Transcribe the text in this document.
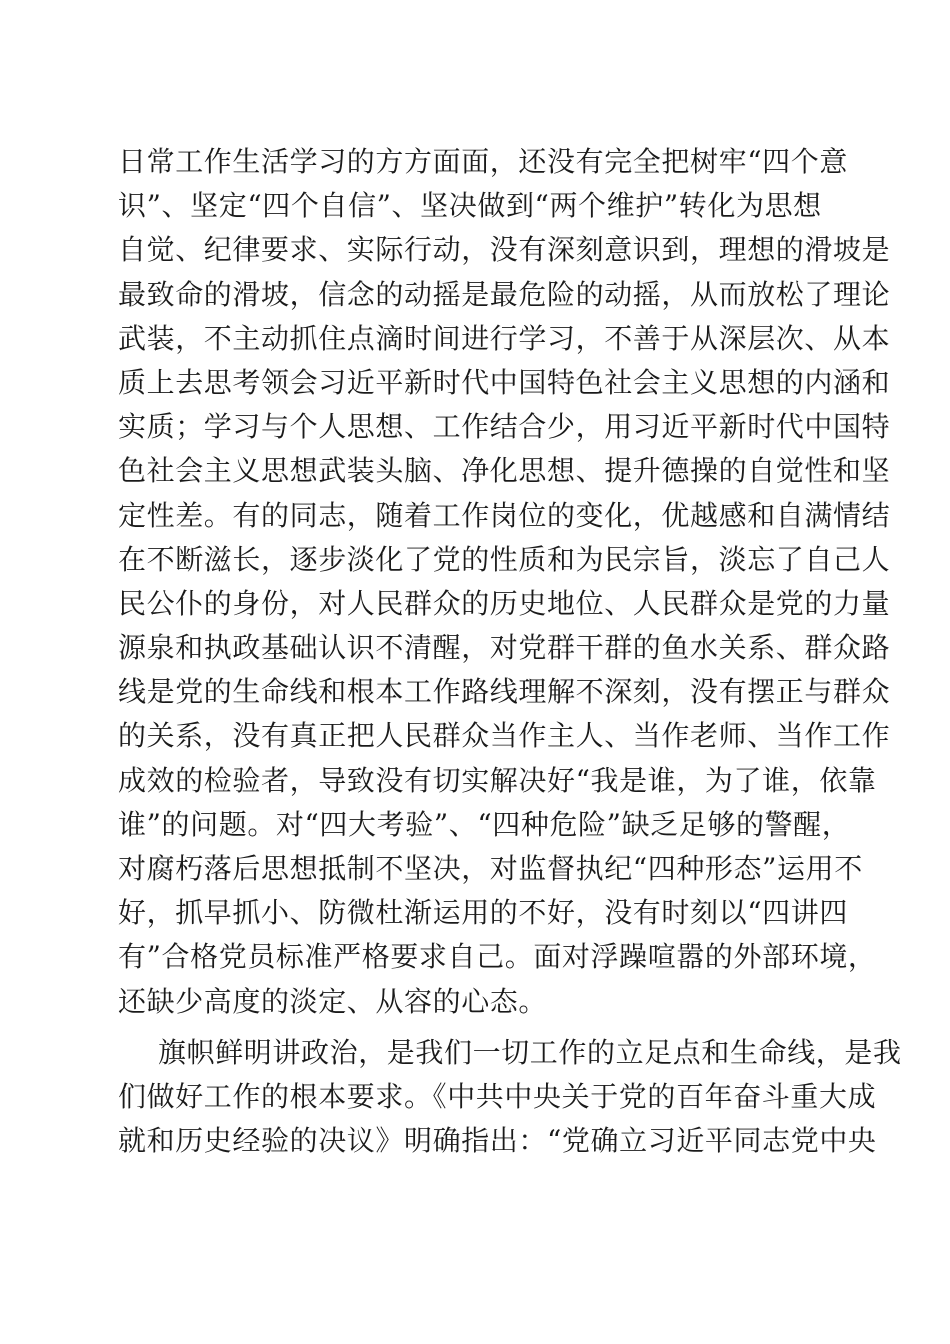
日常工作生活学习的方方面面，还没有完全把树牢“四个意
识”、坚定“四个自信”、坚决做到“两个维护”转化为思想
自觉、纪律要求、实际行动，没有深刻意识到，理想的滑坡是
最致命的滑坡，信念的动摇是最危险的动摇，从而放松了理论
武装，不主动抓住点滴时间进行学习，不善于从深层次、从本
质上去思考领会习近平新时代中国特色社会主义思想的内涵和
实质；学习与个人思想、工作结合少，用习近平新时代中国特
色社会主义思想武装头脑、净化思想、提升德操的自觉性和坚
定性差。有的同志，随着工作岗位的变化，优越感和自满情结
在不断滋长，逐步淡化了党的性质和为民宗旨，淡忘了自己人
民公仆的身份，对人民群众的历史地位、人民群众是党的力量
源泉和执政基础认识不清醒，对党群干群的鱼水关系、群众路
线是党的生命线和根本工作路线理解不深刻，没有摆正与群众
的关系，没有真正把人民群众当作主人、当作老师、当作工作
成效的检验者，导致没有切实解决好“我是谁，为了谁，依靠
谁”的问题。对“四大考验”、“四种危险”缺乏足够的警醒，
对腐朽落后思想抵制不坚决，对监督执纪“四种形态”运用不
好，抓早抓小、防微杜渐运用的不好，没有时刻以“四讲四
有”合格党员标准严格要求自己。面对浮躁喧嚣的外部环境，
还缺少高度的淡定、从容的心态。
旗帜鲜明讲政治，是我们一切工作的立足点和生命线，是我
们做好工作的根本要求。《中共中央关于党的百年奋斗重大成
就和历史经验的决议》明确指出：“党确立习近平同志党中央
